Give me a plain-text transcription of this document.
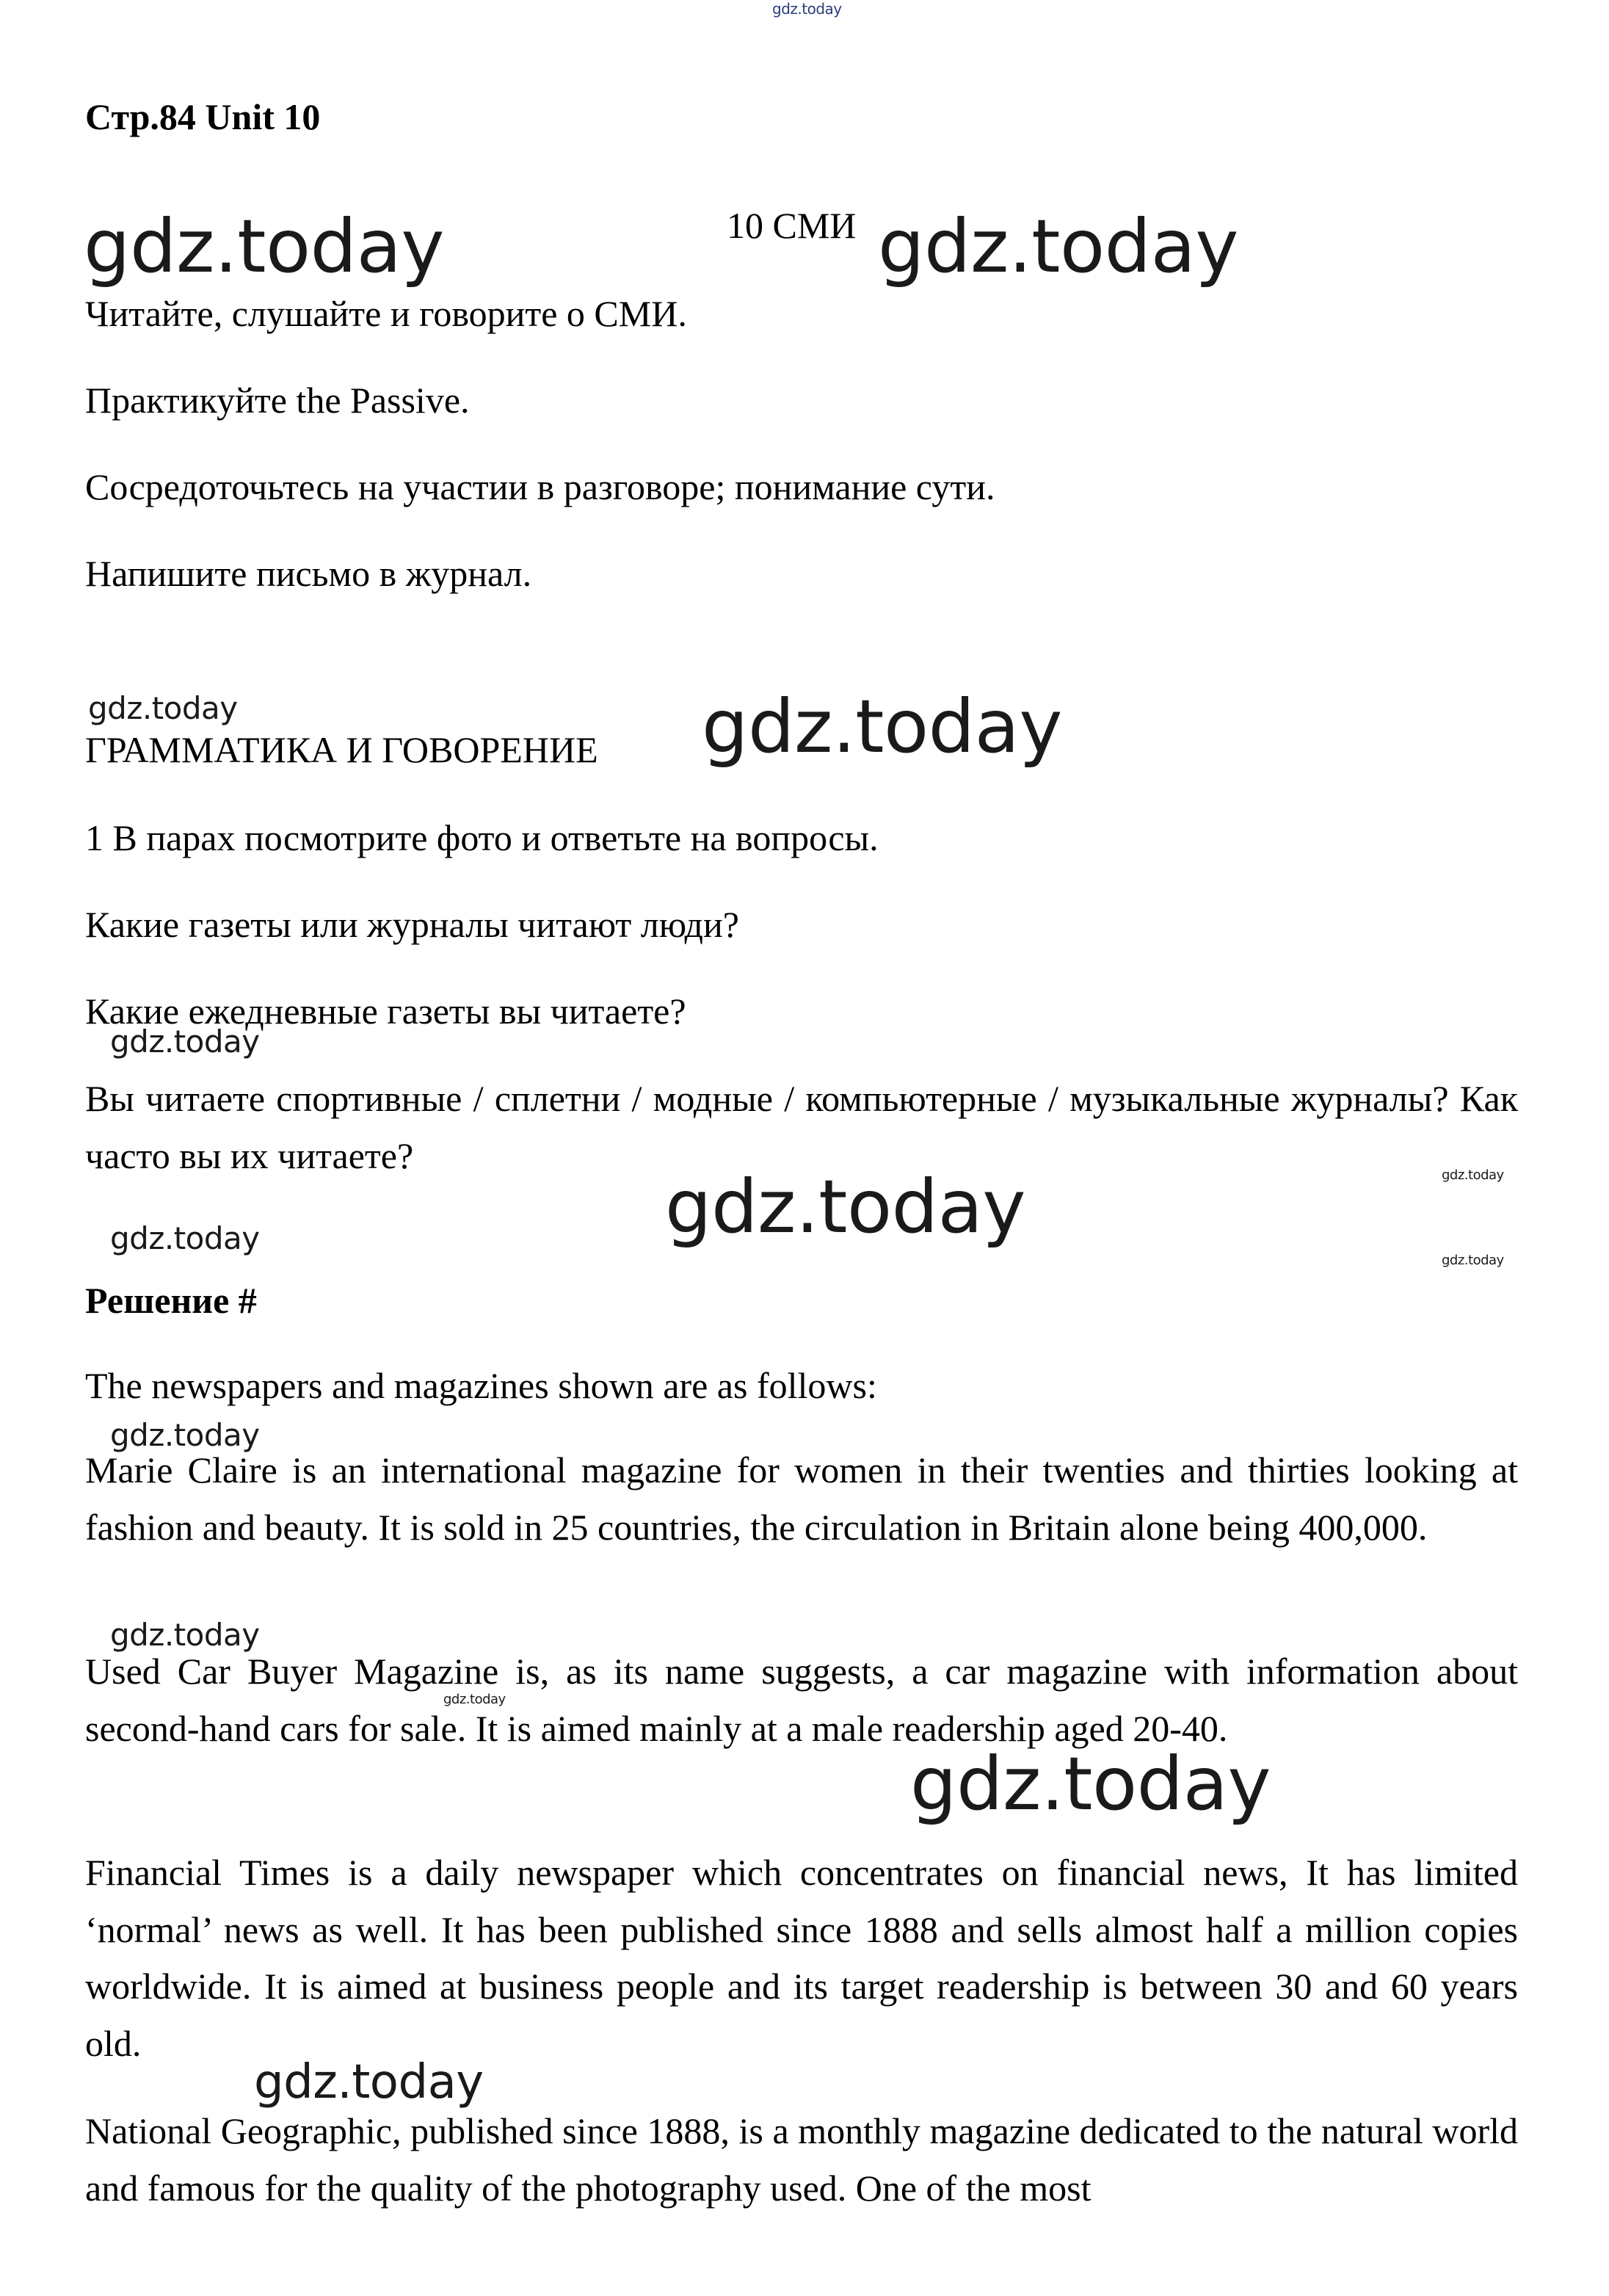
gdz.today
Стр.84 Unit 10
gdz.today	10 СМИ gdz.today
Читайте, слушайте и говорите о СМИ.
Практикуйте the Passive.
Сосредоточьтесь на участии в разговоре; понимание сути.
Напишите письмо в журнал.
gdz.today
ГРАММАТИКА И ГОВОРЕНИЕ gdz.today
1 В парах посмотрите фото и ответьте на вопросы.
Какие газеты или журналы читают люди?
Какие ежедневные газеты вы читаете?
gdz.today

Вы читаете спортивные / сплетни / модные / компьютерные / музыкальные журналы? Как часто вы их читаете?	gdz.today
gdz.today
gdz.today
gdz.today
Решение #
The newspapers and magazines shown are as follows:
gdz.today

Marie Claire is an international magazine for women in their twenties and thirties looking at fashion and beauty. It is sold in 25 countries, the circulation in Britain alone being 400,000.

gdz.today

Used Car Buyer Magazine is, as its name suggests, a car magazine with information about second-hand cars for sale. It is aimed mainly at a male readership aged 20-40.

gdz.today
gdz.today

Financial Times is a daily newspaper which concentrates on financial news, It has limited ‘normal’ news as well. It has been published since 1888 and sells almost half a million copies worldwide. It is aimed at business people and its target readership is between 30 and 60 years old.

gdz.today

National Geographic, published since 1888, is a monthly magazine dedicated to the natural world and famous for the quality of the photography used. One of the most
